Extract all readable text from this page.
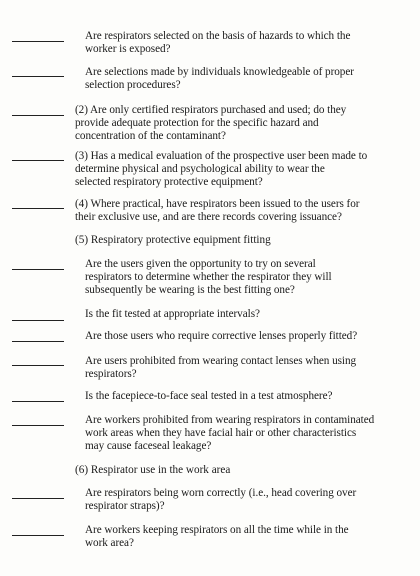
Are respirators selected on the basis of hazards to which the
worker is exposed?
Are selections made by individuals knowledgeable of proper
selection procedures?
(2) Are only certified respirators purchased and used; do they
provide adequate protection for the specific hazard and
concentration of the contaminant?
(3) Has a medical evaluation of the prospective user been made to
determine physical and psychological ability to wear the
selected respiratory protective equipment?
(4) Where practical, have respirators been issued to the users for
their exclusive use, and are there records covering issuance?
(5) Respiratory protective equipment fitting
Are the users given the opportunity to try on several
respirators to determine whether the respirator they will
subsequently be wearing is the best fitting one?
Is the fit tested at appropriate intervals?
Are those users who require corrective lenses properly fitted?
Are users prohibited from wearing contact lenses when using
respirators?
Is the facepiece-to-face seal tested in a test atmosphere?
Are workers prohibited from wearing respirators in contaminated
work areas when they have facial hair or other characteristics
may cause faceseal leakage?
(6) Respirator use in the work area
Are respirators being worn correctly (i.e., head covering over
respirator straps)?
Are workers keeping respirators on all the time while in the
work area?
